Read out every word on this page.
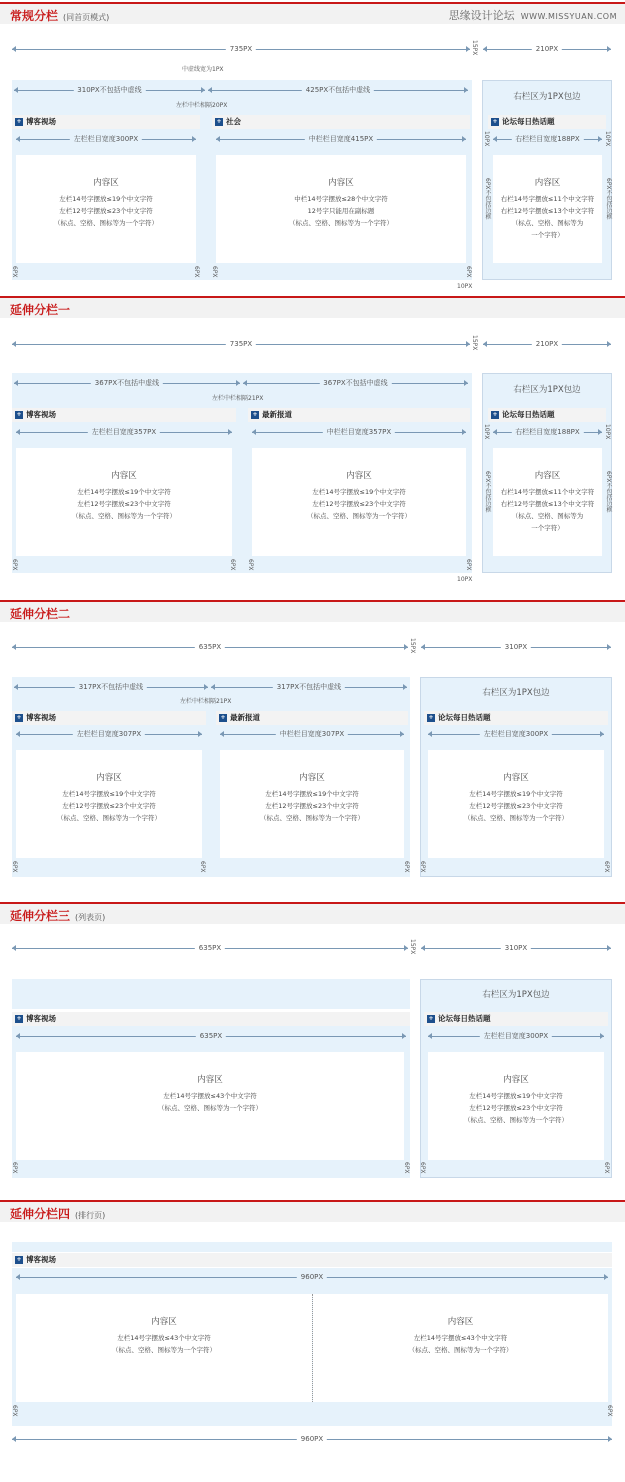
常规分栏 (同首页模式)	思缘设计论坛 WWW.MISSYUAN.COM
735PX	15PX	210PX
中虚线宽为1PX
310PX不包括中虚线	425PX不包括中虚线
左栏中栏相隔20PX
+ 博客视场
左栏栏目宽度300PX
内容区
左栏14号字摆放≤19个中文字符
左栏12号字摆放≤23个中文字符
（标点、空格、图标等为一个字符）
6PX	6PX
+ 社会
中栏栏目宽度415PX
内容区
中栏14号字摆放≤28个中文字符
12号字只能用在副标题
（标点、空格、图标等为一个字符）
6PX	6PX
10PX
右栏区为1PX包边
+ 论坛每日热话题
10PX	10PX
右栏栏目宽度188PX
6PX不包括边框	6PX不包括边框
内容区
右栏14号字摆放≤11个中文字符
右栏12号字摆放≤13个中文字符
（标点、空格、图标等为
一个字符）
延伸分栏一
735PX	15PX	210PX
367PX不包括中虚线	367PX不包括中虚线
左栏中栏相隔21PX
+ 博客视场
左栏栏目宽度357PX
内容区
左栏14号字摆放≤19个中文字符
左栏12号字摆放≤23个中文字符
（标点、空格、图标等为一个字符）
6PX	6PX
+ 最新报道
中栏栏目宽度357PX
内容区
左栏14号字摆放≤19个中文字符
左栏12号字摆放≤23个中文字符
（标点、空格、图标等为一个字符）
6PX	6PX
10PX
右栏区为1PX包边
+ 论坛每日热话题
10PX	10PX
右栏栏目宽度188PX
6PX不包括边框	6PX不包括边框
内容区
右栏14号字摆放≤11个中文字符
右栏12号字摆放≤13个中文字符
（标点、空格、图标等为
一个字符）
延伸分栏二
635PX	15PX	310PX
317PX不包括中虚线	317PX不包括中虚线
左栏中栏相隔21PX
+ 博客视场
左栏栏目宽度307PX
内容区
左栏14号字摆放≤19个中文字符
左栏12号字摆放≤23个中文字符
（标点、空格、图标等为一个字符）
6PX	6PX
+ 最新报道
中栏栏目宽度307PX
内容区
左栏14号字摆放≤19个中文字符
左栏12号字摆放≤23个中文字符
（标点、空格、图标等为一个字符）
6PX
右栏区为1PX包边
+ 论坛每日热话题
左栏栏目宽度300PX
内容区
左栏14号字摆放≤19个中文字符
左栏12号字摆放≤23个中文字符
（标点、空格、图标等为一个字符）
6PX	6PX
延伸分栏三 (列表页)
635PX	15PX	310PX
+ 博客视场
635PX
内容区
左栏14号字摆放≤43个中文字符
（标点、空格、图标等为一个字符）
6PX	6PX
右栏区为1PX包边
+ 论坛每日热话题
左栏栏目宽度300PX
内容区
左栏14号字摆放≤19个中文字符
左栏12号字摆放≤23个中文字符
（标点、空格、图标等为一个字符）
6PX	6PX
延伸分栏四 (排行页)
+ 博客视场
960PX
内容区
左栏14号字摆放≤43个中文字符
（标点、空格、图标等为一个字符）
内容区
左栏14号字摆放≤43个中文字符
（标点、空格、图标等为一个字符）
6PX	6PX
960PX
